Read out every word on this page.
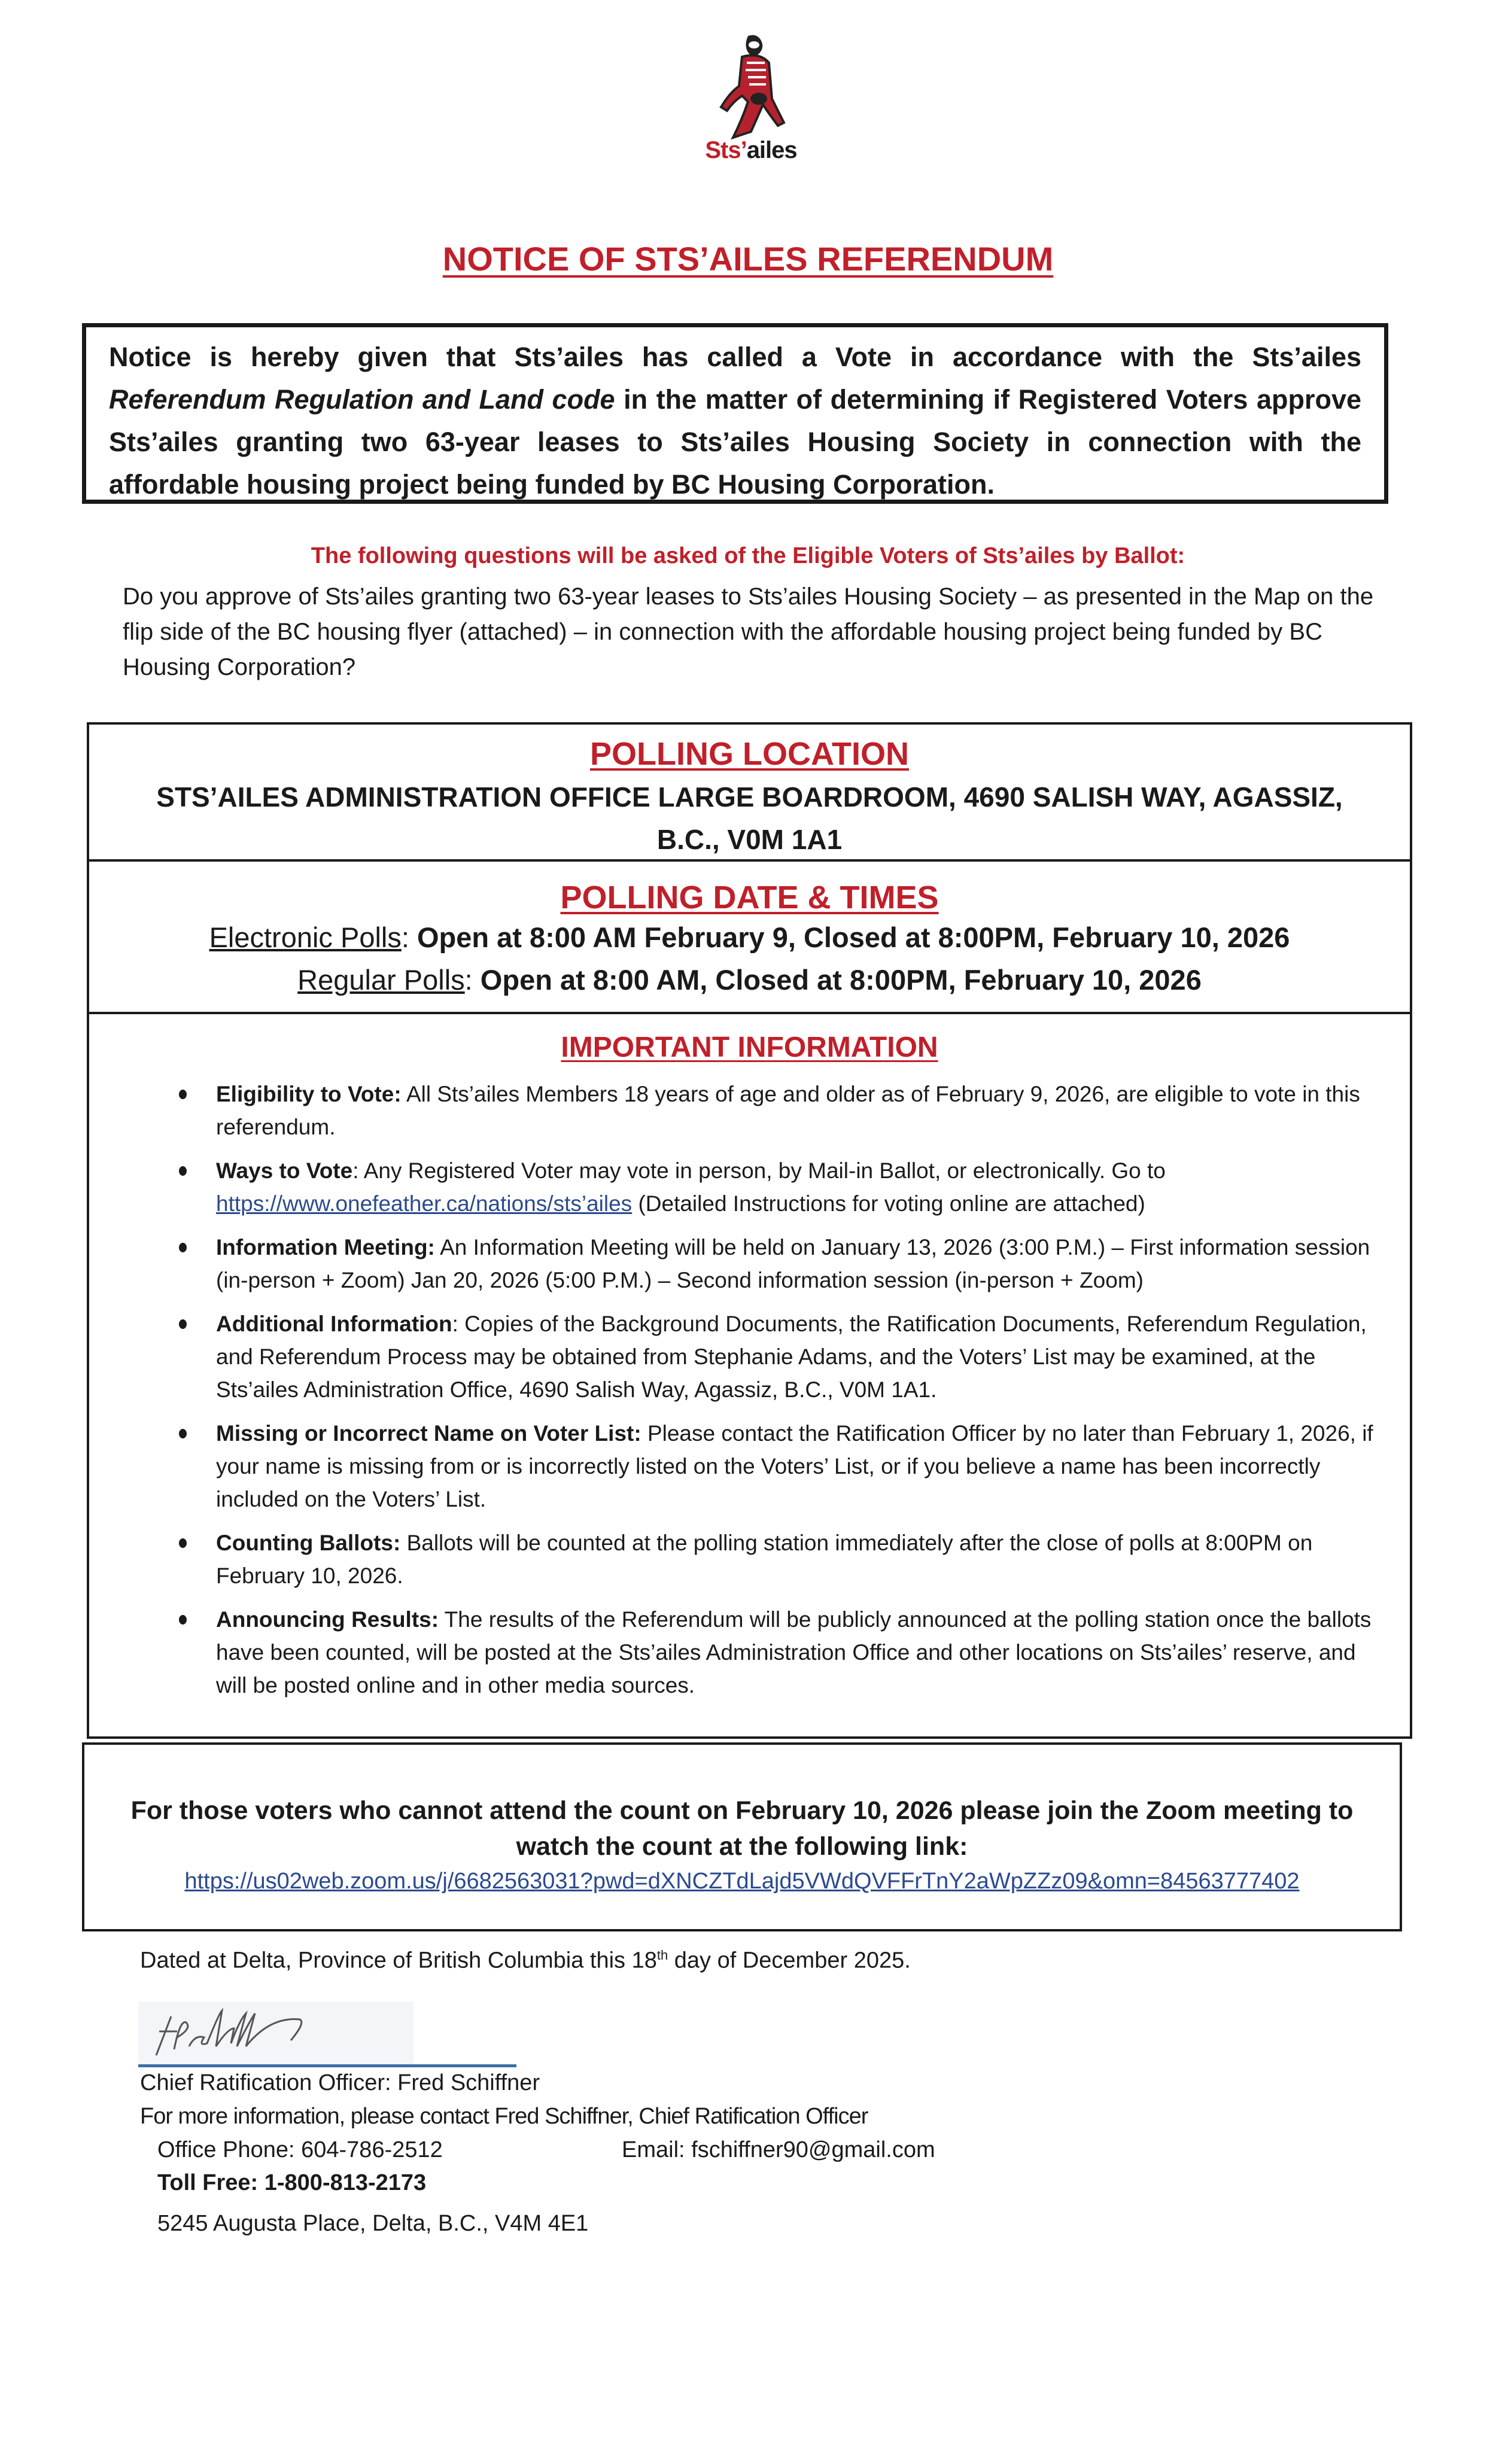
Sts’ailes
NOTICE OF STS’AILES REFERENDUM
Notice is hereby given that Sts’ailes has called a Vote in accordance with the Sts’ailes Referendum Regulation and Land code in the matter of determining if Registered Voters approve Sts’ailes granting two 63-year leases to Sts’ailes Housing Society in connection with the affordable housing project being funded by BC Housing Corporation.
The following questions will be asked of the Eligible Voters of Sts’ailes by Ballot:
Do you approve of Sts’ailes granting two 63-year leases to Sts’ailes Housing Society – as presented in the Map on the flip side of the BC housing flyer (attached) – in connection with the affordable housing project being funded by BC Housing Corporation?
POLLING LOCATION
STS’AILES ADMINISTRATION OFFICE LARGE BOARDROOM, 4690 SALISH WAY, AGASSIZ, B.C., V0M 1A1
POLLING DATE & TIMES
Electronic Polls: Open at 8:00 AM February 9, Closed at 8:00PM, February 10, 2026
Regular Polls: Open at 8:00 AM, Closed at 8:00PM, February 10, 2026
IMPORTANT INFORMATION
Eligibility to Vote: All Sts’ailes Members 18 years of age and older as of February 9, 2026, are eligible to vote in this referendum.
Ways to Vote: Any Registered Voter may vote in person, by Mail-in Ballot, or electronically. Go to https://www.onefeather.ca/nations/sts’ailes (Detailed Instructions for voting online are attached)
Information Meeting: An Information Meeting will be held on January 13, 2026 (3:00 P.M.) – First information session (in-person + Zoom) Jan 20, 2026 (5:00 P.M.) – Second information session (in-person + Zoom)
Additional Information: Copies of the Background Documents, the Ratification Documents, Referendum Regulation, and Referendum Process may be obtained from Stephanie Adams, and the Voters’ List may be examined, at the Sts’ailes Administration Office, 4690 Salish Way, Agassiz, B.C., V0M 1A1.
Missing or Incorrect Name on Voter List: Please contact the Ratification Officer by no later than February 1, 2026, if your name is missing from or is incorrectly listed on the Voters’ List, or if you believe a name has been incorrectly included on the Voters’ List.
Counting Ballots: Ballots will be counted at the polling station immediately after the close of polls at 8:00PM on February 10, 2026.
Announcing Results: The results of the Referendum will be publicly announced at the polling station once the ballots have been counted, will be posted at the Sts’ailes Administration Office and other locations on Sts’ailes’ reserve, and will be posted online and in other media sources.
For those voters who cannot attend the count on February 10, 2026 please join the Zoom meeting to watch the count at the following link:
https://us02web.zoom.us/j/6682563031?pwd=dXNCZTdLajd5VWdQVFFrTnY2aWpZZz09&omn=84563777402
Dated at Delta, Province of British Columbia this 18th day of December 2025.
Chief Ratification Officer: Fred Schiffner
For more information, please contact Fred Schiffner, Chief Ratification Officer
Office Phone: 604-786-2512	Email: fschiffner90@gmail.com
Toll Free: 1-800-813-2173
5245 Augusta Place, Delta, B.C., V4M 4E1
